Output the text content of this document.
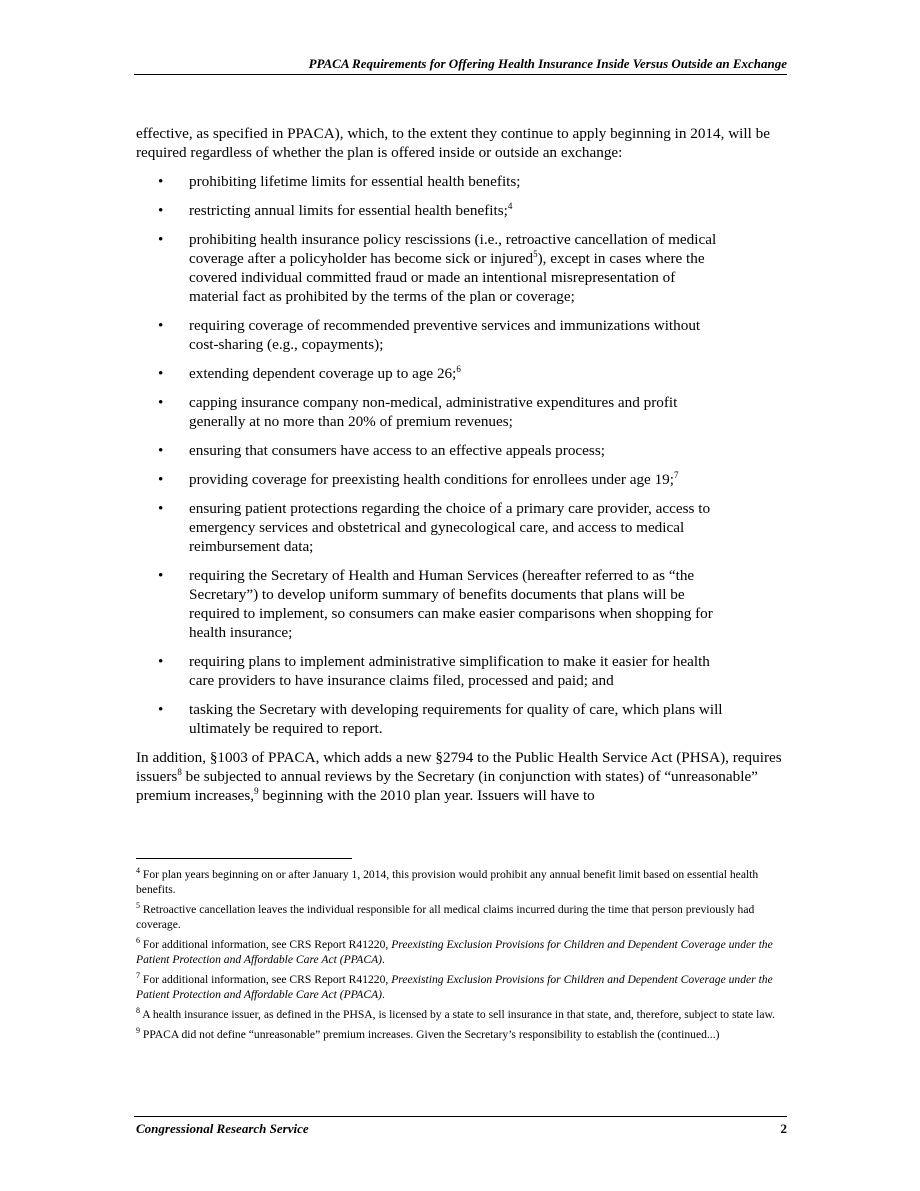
PPACA Requirements for Offering Health Insurance Inside Versus Outside an Exchange

effective, as specified in PPACA), which, to the extent they continue to apply beginning in 2014, will be required regardless of whether the plan is offered inside or outside an exchange:

• prohibiting lifetime limits for essential health benefits;
• restricting annual limits for essential health benefits;$^4$
• prohibiting health insurance policy rescissions (i.e., retroactive cancellation of medical coverage after a policyholder has become sick or injured$^5$), except in cases where the covered individual committed fraud or made an intentional misrepresentation of material fact as prohibited by the terms of the plan or coverage;
• requiring coverage of recommended preventive services and immunizations without cost-sharing (e.g., copayments);
• extending dependent coverage up to age 26;$^6$
• capping insurance company non-medical, administrative expenditures and profit generally at no more than 20% of premium revenues;
• ensuring that consumers have access to an effective appeals process;
• providing coverage for preexisting health conditions for enrollees under age 19;$^7$
• ensuring patient protections regarding the choice of a primary care provider, access to emergency services and obstetrical and gynecological care, and access to medical reimbursement data;
• requiring the Secretary of Health and Human Services (hereafter referred to as “the Secretary”) to develop uniform summary of benefits documents that plans will be required to implement, so consumers can make easier comparisons when shopping for health insurance;
• requiring plans to implement administrative simplification to make it easier for health care providers to have insurance claims filed, processed and paid; and
• tasking the Secretary with developing requirements for quality of care, which plans will ultimately be required to report.

In addition, §1003 of PPACA, which adds a new §2794 to the Public Health Service Act (PHSA), requires issuers$^8$ be subjected to annual reviews by the Secretary (in conjunction with states) of “unreasonable” premium increases,$^9$ beginning with the 2010 plan year. Issuers will have to

$^4$ For plan years beginning on or after January 1, 2014, this provision would prohibit any annual benefit limit based on essential health benefits.

$^5$ Retroactive cancellation leaves the individual responsible for all medical claims incurred during the time that person previously had coverage.

$^6$ For additional information, see CRS Report R41220, Preexisting Exclusion Provisions for Children and Dependent Coverage under the Patient Protection and Affordable Care Act (PPACA).

$^7$ For additional information, see CRS Report R41220, Preexisting Exclusion Provisions for Children and Dependent Coverage under the Patient Protection and Affordable Care Act (PPACA).

$^8$ A health insurance issuer, as defined in the PHSA, is licensed by a state to sell insurance in that state, and, therefore, subject to state law.

$^9$ PPACA did not define “unreasonable” premium increases. Given the Secretary’s responsibility to establish the (continued...)

Congressional Research Service	2
